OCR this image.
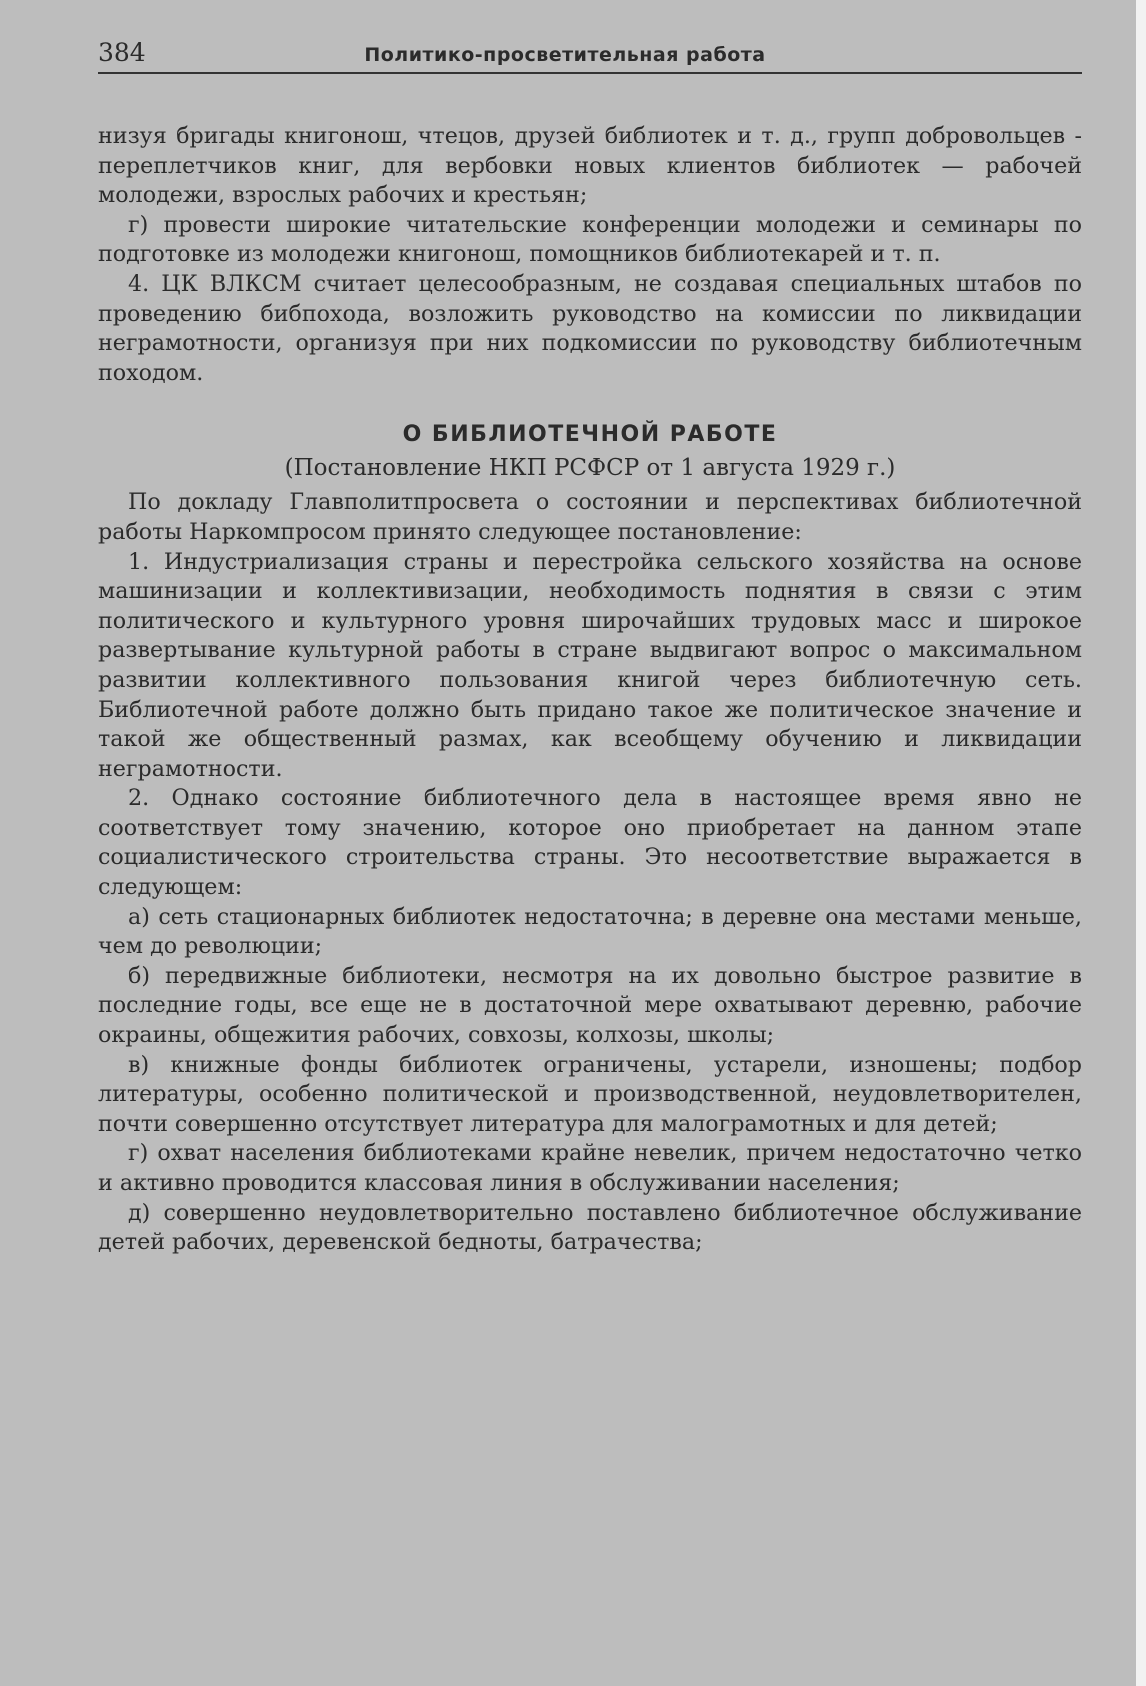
384	Политико-просветительная работа

низуя бригады книгонош, чтецов, друзей библиотек и т. д., групп добровольцев - переплетчиков книг, для вербовки новых клиентов библиотек — рабочей молодежи, взрослых рабочих и крестьян;

г) провести широкие читательские конференции молодежи и семинары по подготовке из молодежи книгонош, помощников библиотекарей и т. п.

4. ЦК ВЛКСМ считает целесообразным, не создавая специальных штабов по проведению бибпохода, возложить руководство на комиссии по ликвидации неграмотности, организуя при них подкомиссии по руководству библиотечным походом.

О БИБЛИОТЕЧНОЙ РАБОТЕ
(Постановление НКП РСФСР от 1 августа 1929 г.)

По докладу Главполитпросвета о состоянии и перспективах библиотечной работы Наркомпросом принято следующее постановление:

1. Индустриализация страны и перестройка сельского хозяйства на основе машинизации и коллективизации, необходимость поднятия в связи с этим политического и культурного уровня широчайших трудовых масс и широкое развертывание культурной работы в стране выдвигают вопрос о максимальном развитии коллективного пользования книгой через библиотечную сеть. Библиотечной работе должно быть придано такое же политическое значение и такой же общественный размах, как всеобщему обучению и ликвидации неграмотности.

2. Однако состояние библиотечного дела в настоящее время явно не соответствует тому значению, которое оно приобретает на данном этапе социалистического строительства страны. Это несоответствие выражается в следующем:

а) сеть стационарных библиотек недостаточна; в деревне она местами меньше, чем до революции;

б) передвижные библиотеки, несмотря на их довольно быстрое развитие в последние годы, все еще не в достаточной мере охватывают деревню, рабочие окраины, общежития рабочих, совхозы, колхозы, школы;

в) книжные фонды библиотек ограничены, устарели, изношены; подбор литературы, особенно политической и производственной, неудовлетворителен, почти совершенно отсутствует литература для малограмотных и для детей;

г) охват населения библиотеками крайне невелик, причем недостаточно четко и активно проводится классовая линия в обслуживании населения;

д) совершенно неудовлетворительно поставлено библиотечное обслуживание детей рабочих, деревенской бедноты, батрачества;
